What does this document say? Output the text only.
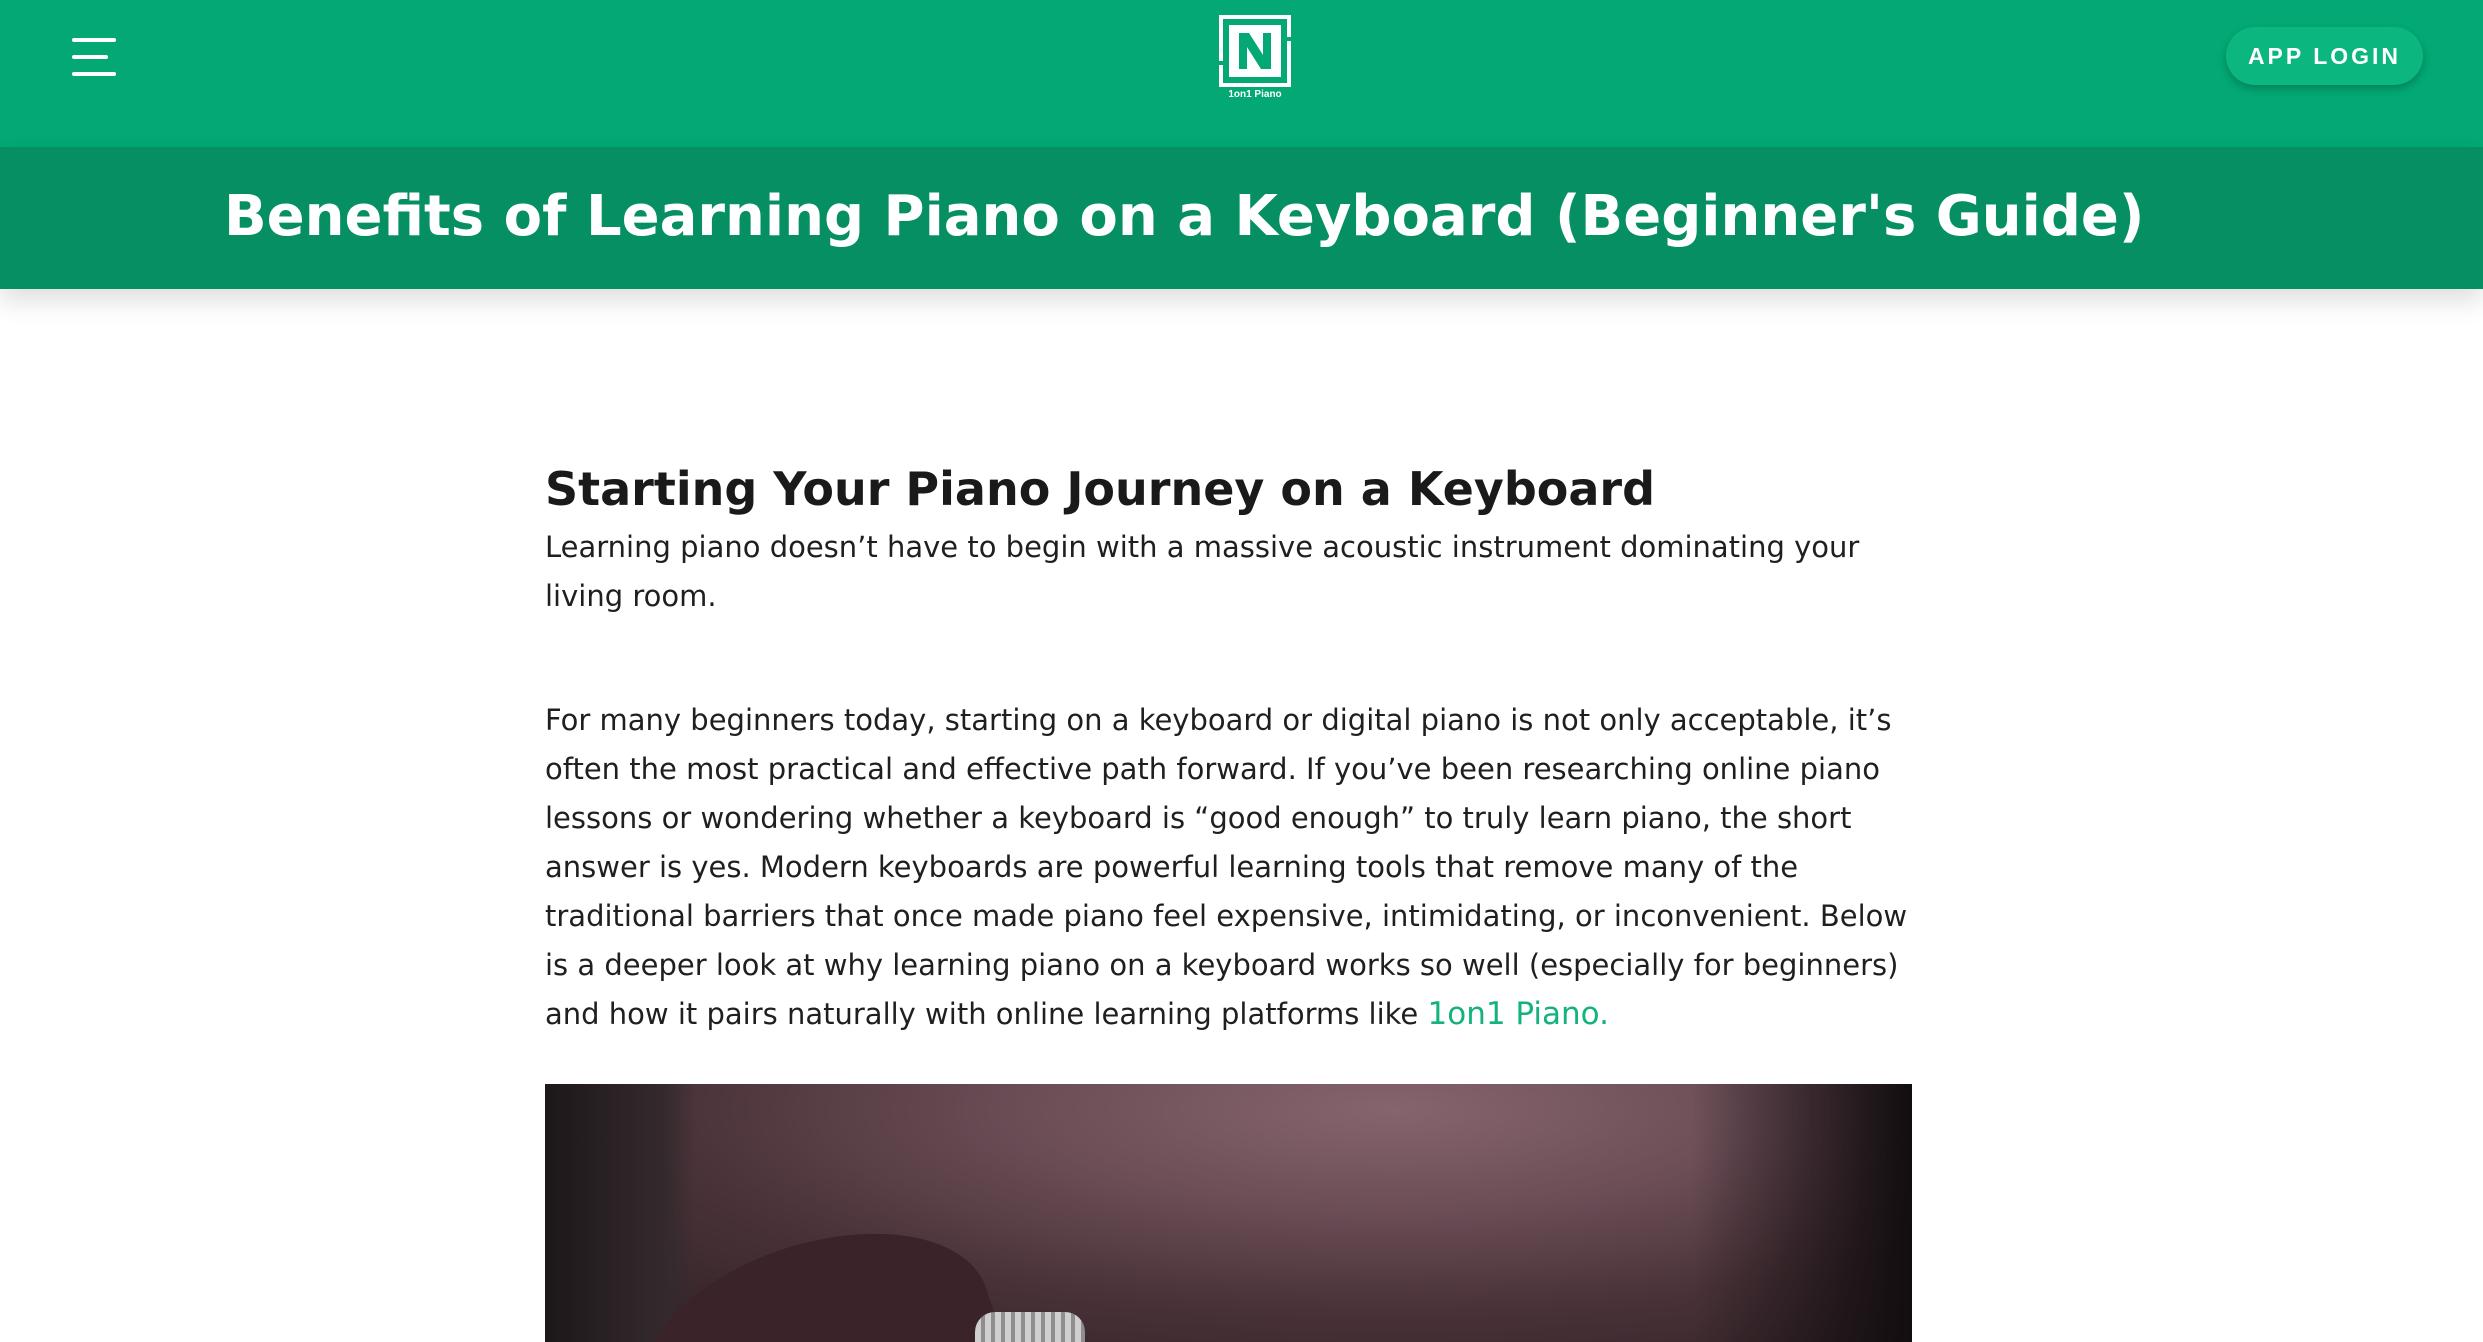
1on1 Piano
APP LOGIN
Benefits of Learning Piano on a Keyboard (Beginner's Guide)
Starting Your Piano Journey on a Keyboard

Learning piano doesn’t have to begin with a massive acoustic instrument dominating your living room.

For many beginners today, starting on a keyboard or digital piano is not only acceptable, it’s often the most practical and effective path forward. If you’ve been researching online piano lessons or wondering whether a keyboard is “good enough” to truly learn piano, the short answer is yes. Modern keyboards are powerful learning tools that remove many of the traditional barriers that once made piano feel expensive, intimidating, or inconvenient. Below is a deeper look at why learning piano on a keyboard works so well (especially for beginners) and how it pairs naturally with online learning platforms like 1on1 Piano.
